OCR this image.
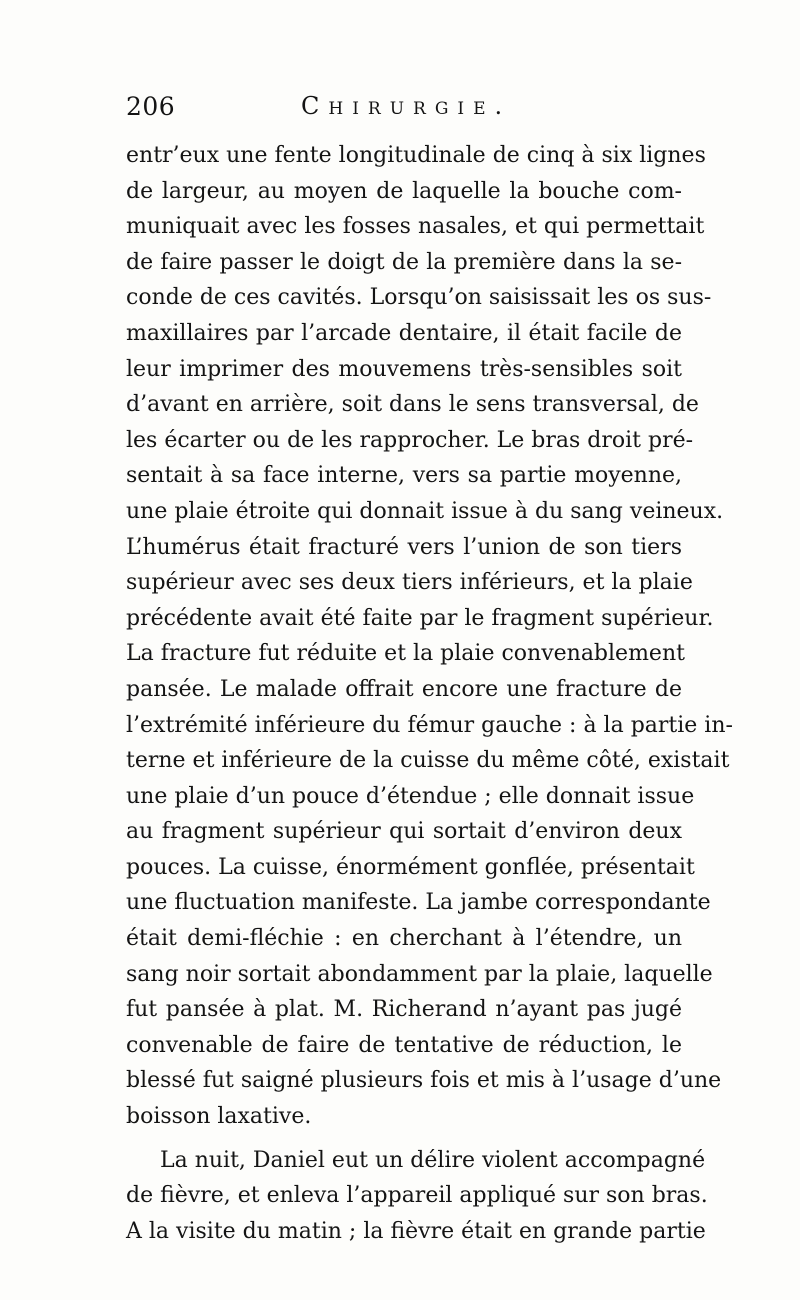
206	Chirurgie.
entr’eux une fente longitudinale de cinq à six lignes
de largeur, au moyen de laquelle la bouche com-
muniquait avec les fosses nasales, et qui permettait
de faire passer le doigt de la première dans la se-
conde de ces cavités. Lorsqu’on saisissait les os sus-
maxillaires par l’arcade dentaire, il était facile de
leur imprimer des mouvemens très-sensibles soit
d’avant en arrière, soit dans le sens transversal, de
les écarter ou de les rapprocher. Le bras droit pré-
sentait à sa face interne, vers sa partie moyenne,
une plaie étroite qui donnait issue à du sang veineux.
L’humérus était fracturé vers l’union de son tiers
supérieur avec ses deux tiers inférieurs, et la plaie
précédente avait été faite par le fragment supérieur.
La fracture fut réduite et la plaie convenablement
pansée. Le malade offrait encore une fracture de
l’extrémité inférieure du fémur gauche : à la partie in-
terne et inférieure de la cuisse du même côté, existait
une plaie d’un pouce d’étendue ; elle donnait issue
au fragment supérieur qui sortait d’environ deux
pouces. La cuisse, énormément gonflée, présentait
une fluctuation manifeste. La jambe correspondante
était demi-fléchie : en cherchant à l’étendre, un
sang noir sortait abondamment par la plaie, laquelle
fut pansée à plat. M. Richerand n’ayant pas jugé
convenable de faire de tentative de réduction, le
blessé fut saigné plusieurs fois et mis à l’usage d’une
boisson laxative.
La nuit, Daniel eut un délire violent accompagné
de fièvre, et enleva l’appareil appliqué sur son bras.
A la visite du matin ; la fièvre était en grande partie
